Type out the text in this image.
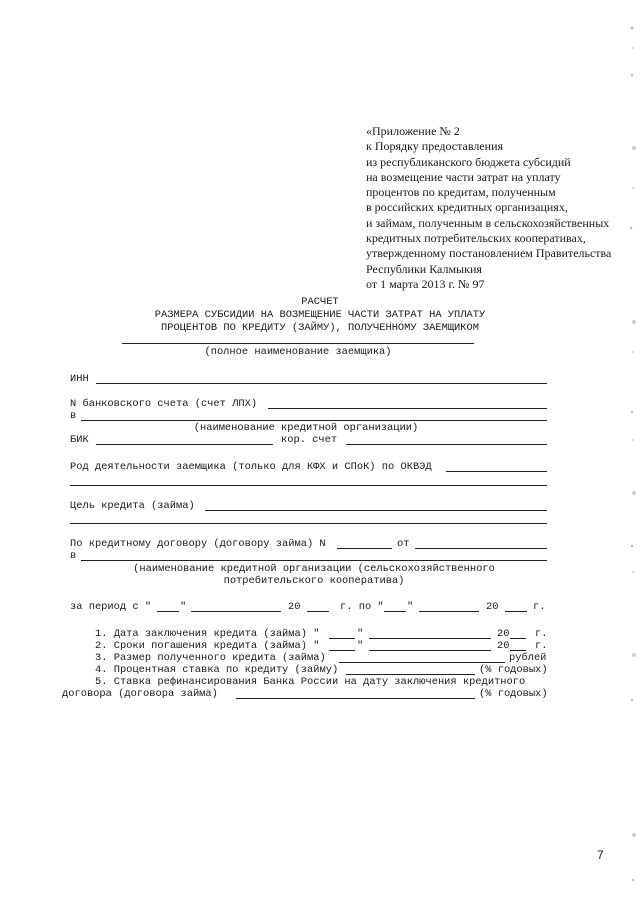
«Приложение № 2
к Порядку предоставления
из республиканского бюджета субсидий
на возмещение части затрат на уплату
процентов по кредитам, полученным
в российских кредитных организациях,
и займам, полученным в сельскохозяйственных
кредитных потребительских кооперативах,
утвержденному постановлением Правительства
Республики Калмыкия
от 1 марта 2013 г. № 97
РАСЧЕТ
РАЗМЕРА СУБСИДИИ НА ВОЗМЕЩЕНИЕ ЧАСТИ ЗАТРАТ НА УПЛАТУ
ПРОЦЕНТОВ ПО КРЕДИТУ (ЗАЙМУ), ПОЛУЧЕННОМУ ЗАЕМЩИКОМ
(полное наименование заемщика)
ИНН
N банковского счета (счет ЛПХ)
в
(наименование кредитной организации)
БИК	кор. счет
Род деятельности заемщика (только для КФХ и СПоК) по ОКВЭД
Цель кредита (займа)
По кредитному договору (договору займа) N	от
в
(наименование кредитной организации (сельскохозяйственного
потребительского кооператива)
за период с "	"	20	г. по " "	20	г.
1. Дата заключения кредита (займа) "	"	20 г.
2. Сроки погашения кредита (займа) "	"	20 г.
3. Размер полученного кредита (займа)	рублей
4. Процентная ставка по кредиту (займу)	(% годовых)
5. Ставка рефинансирования Банка России на дату заключения кредитного
договора (договора займа)	(% годовых)
7
